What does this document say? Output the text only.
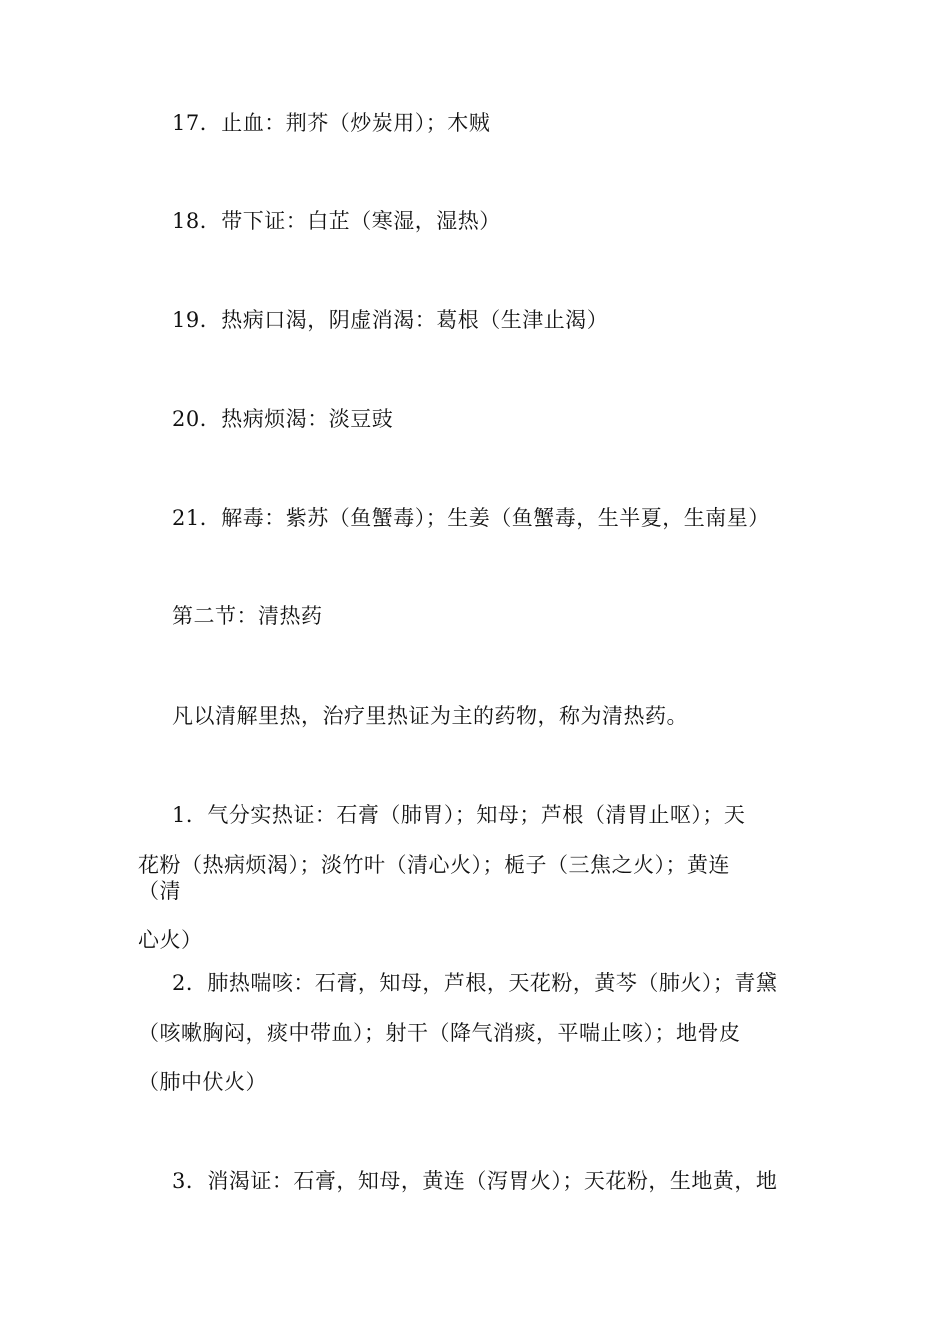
17．止血：荆芥（炒炭用）；木贼
18．带下证：白芷（寒湿，湿热）
19．热病口渴，阴虚消渴：葛根（生津止渴）
20．热病烦渴：淡豆豉
21．解毒：紫苏（鱼蟹毒）；生姜（鱼蟹毒，生半夏，生南星）
第二节：清热药
凡以清解里热，治疗里热证为主的药物，称为清热药。
1．气分实热证：石膏（肺胃）；知母；芦根（清胃止呕）；天
花粉（热病烦渴）；淡竹叶（清心火）；栀子（三焦之火）；黄连
（清
心火）
2．肺热喘咳：石膏，知母，芦根，天花粉，黄芩（肺火）；青黛
（咳嗽胸闷，痰中带血）；射干（降气消痰，平喘止咳）；地骨皮
（肺中伏火）
3．消渴证：石膏，知母，黄连（泻胃火）；天花粉，生地黄，地
